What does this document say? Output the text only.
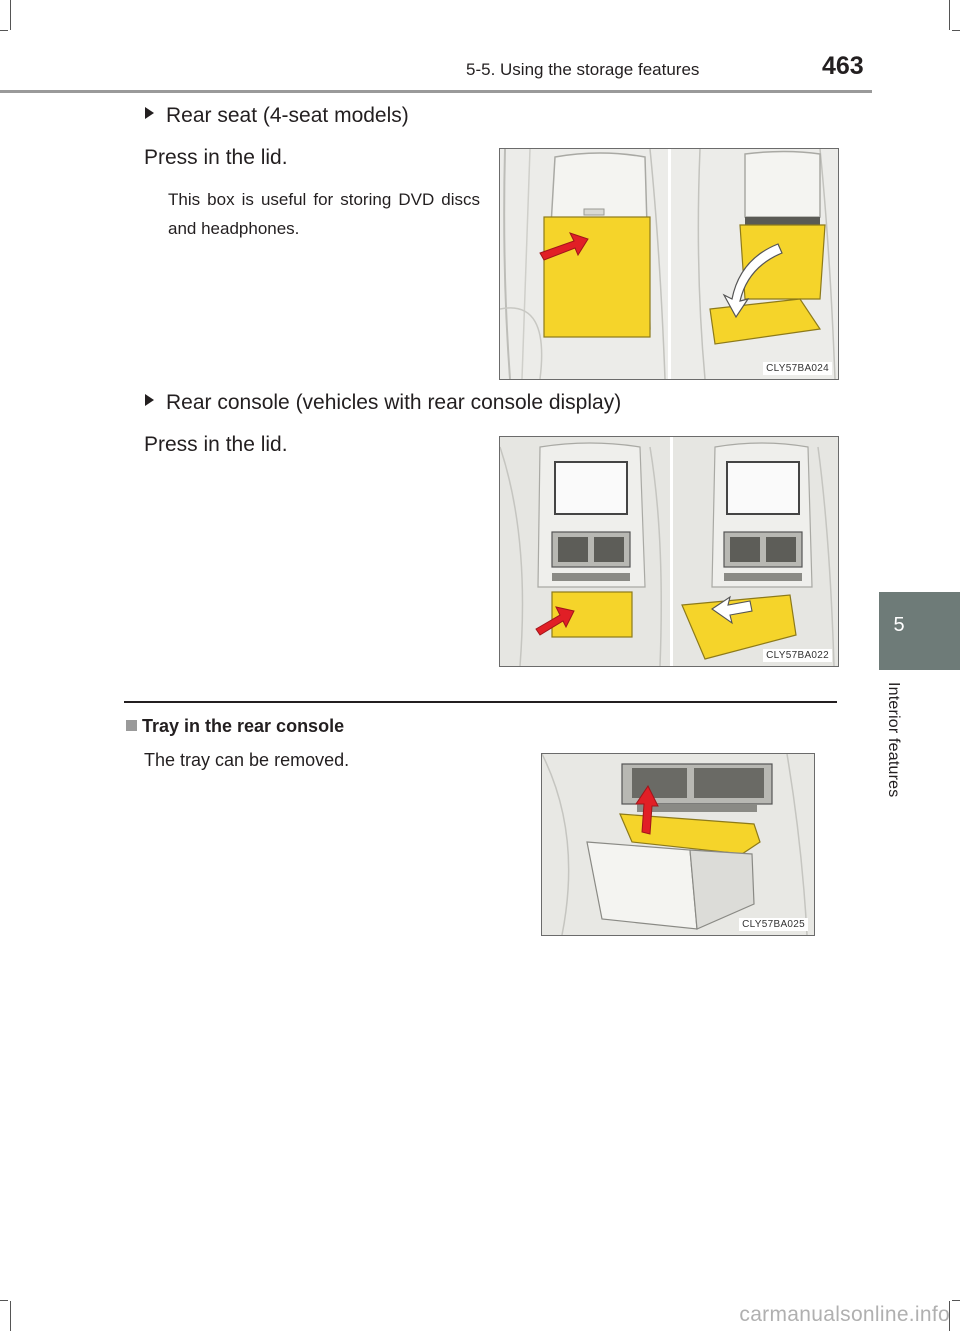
5-5. Using the storage features	463
5
Interior features
Rear seat (4-seat models)
Press in the lid.
This box is useful for storing DVD discs and headphones.
CLY57BA024
Rear console (vehicles with rear console display)
Press in the lid.
CLY57BA022
Tray in the rear console
The tray can be removed.
CLY57BA025
carmanualsonline.info
